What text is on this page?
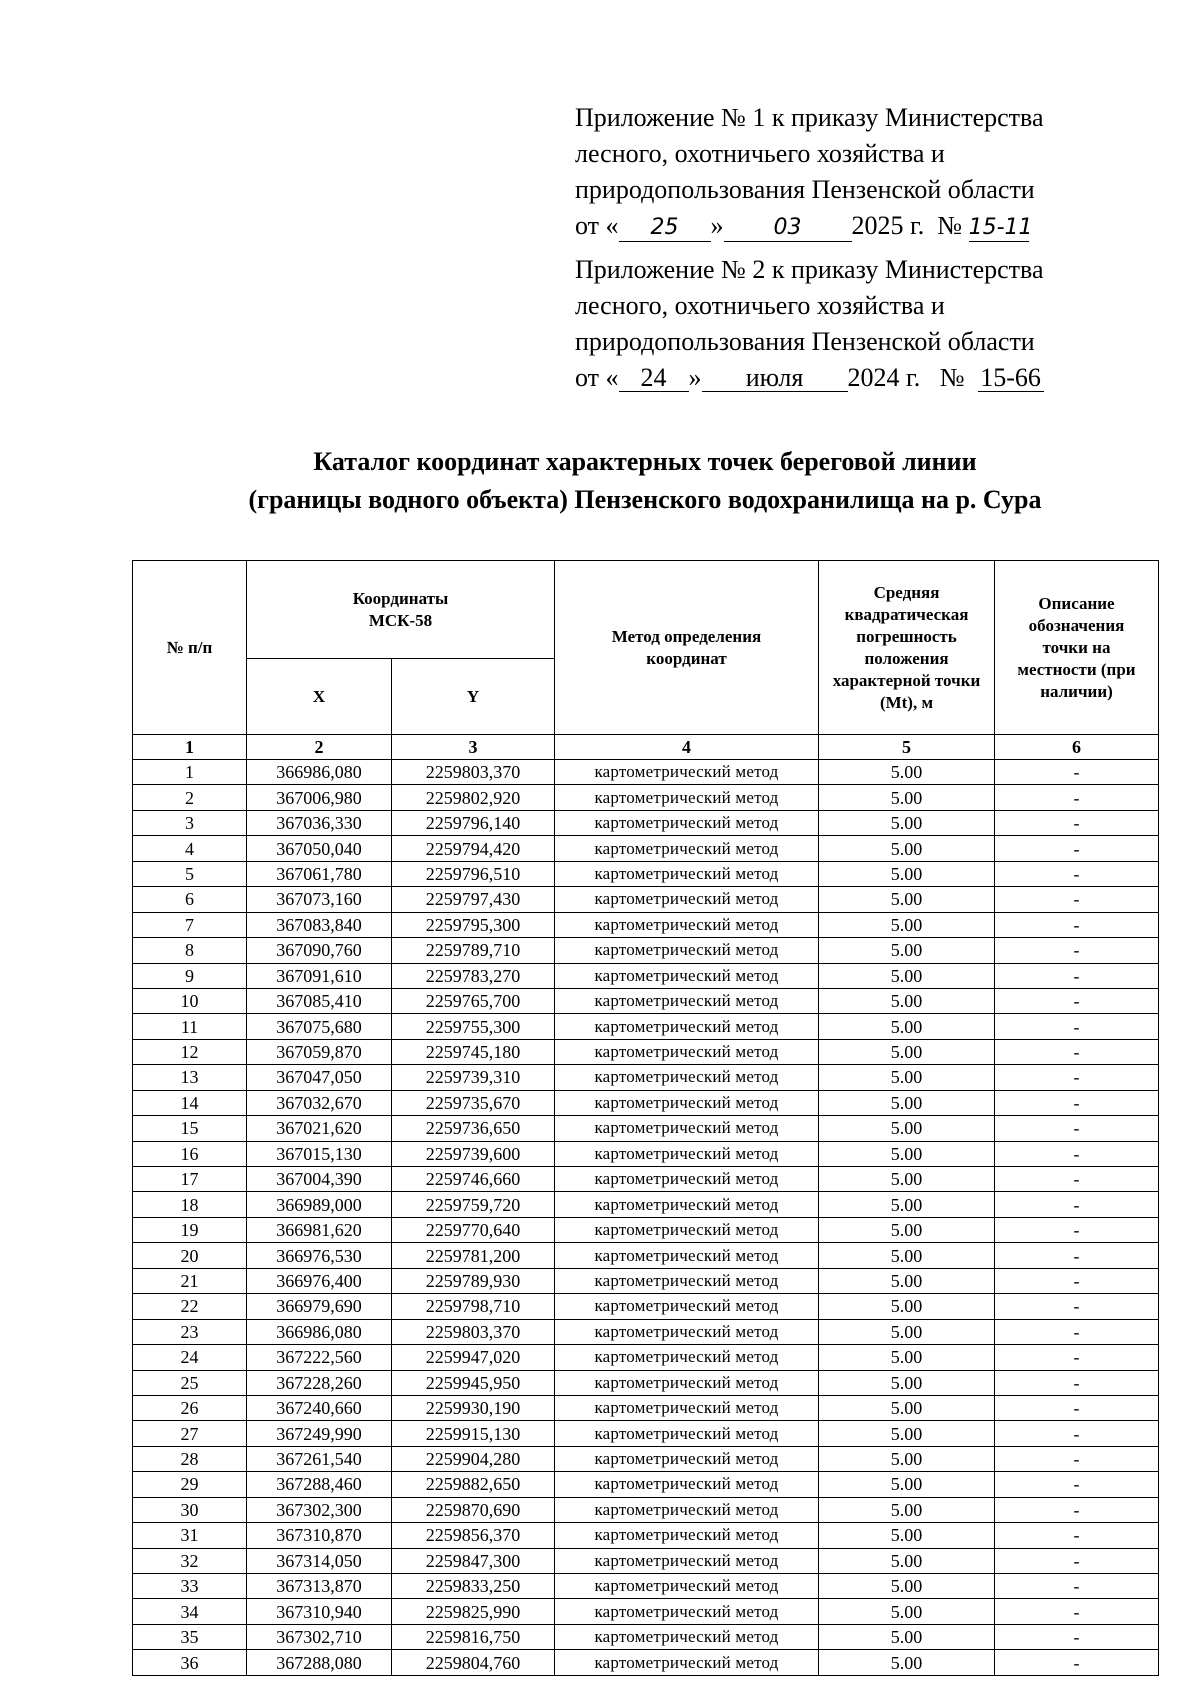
Приложение № 1 к приказу Министерства
лесного, охотничьего хозяйства и
природопользования Пензенской области
от « 25 » 03 2025 г. № 15-11
Приложение № 2 к приказу Министерства
лесного, охотничьего хозяйства и
природопользования Пензенской области
от « 24 » июля 2024 г. № 15-66
Каталог координат характерных точек береговой линии
(границы водного объекта) Пензенского водохранилища на р. Сура
№ п/п	Координаты МСК-58		Метод определения координат	Средняя квадратическая погрешность положения характерной точки (Mt), м	Описание обозначения точки на местности (при наличии)
	X	Y			
1	2	3	4	5	6
1	366986,080	2259803,370	картометрический метод	5.00	-
2	367006,980	2259802,920	картометрический метод	5.00	-
3	367036,330	2259796,140	картометрический метод	5.00	-
4	367050,040	2259794,420	картометрический метод	5.00	-
5	367061,780	2259796,510	картометрический метод	5.00	-
6	367073,160	2259797,430	картометрический метод	5.00	-
7	367083,840	2259795,300	картометрический метод	5.00	-
8	367090,760	2259789,710	картометрический метод	5.00	-
9	367091,610	2259783,270	картометрический метод	5.00	-
10	367085,410	2259765,700	картометрический метод	5.00	-
11	367075,680	2259755,300	картометрический метод	5.00	-
12	367059,870	2259745,180	картометрический метод	5.00	-
13	367047,050	2259739,310	картометрический метод	5.00	-
14	367032,670	2259735,670	картометрический метод	5.00	-
15	367021,620	2259736,650	картометрический метод	5.00	-
16	367015,130	2259739,600	картометрический метод	5.00	-
17	367004,390	2259746,660	картометрический метод	5.00	-
18	366989,000	2259759,720	картометрический метод	5.00	-
19	366981,620	2259770,640	картометрический метод	5.00	-
20	366976,530	2259781,200	картометрический метод	5.00	-
21	366976,400	2259789,930	картометрический метод	5.00	-
22	366979,690	2259798,710	картометрический метод	5.00	-
23	366986,080	2259803,370	картометрический метод	5.00	-
24	367222,560	2259947,020	картометрический метод	5.00	-
25	367228,260	2259945,950	картометрический метод	5.00	-
26	367240,660	2259930,190	картометрический метод	5.00	-
27	367249,990	2259915,130	картометрический метод	5.00	-
28	367261,540	2259904,280	картометрический метод	5.00	-
29	367288,460	2259882,650	картометрический метод	5.00	-
30	367302,300	2259870,690	картометрический метод	5.00	-
31	367310,870	2259856,370	картометрический метод	5.00	-
32	367314,050	2259847,300	картометрический метод	5.00	-
33	367313,870	2259833,250	картометрический метод	5.00	-
34	367310,940	2259825,990	картометрический метод	5.00	-
35	367302,710	2259816,750	картометрический метод	5.00	-
36	367288,080	2259804,760	картометрический метод	5.00	-
